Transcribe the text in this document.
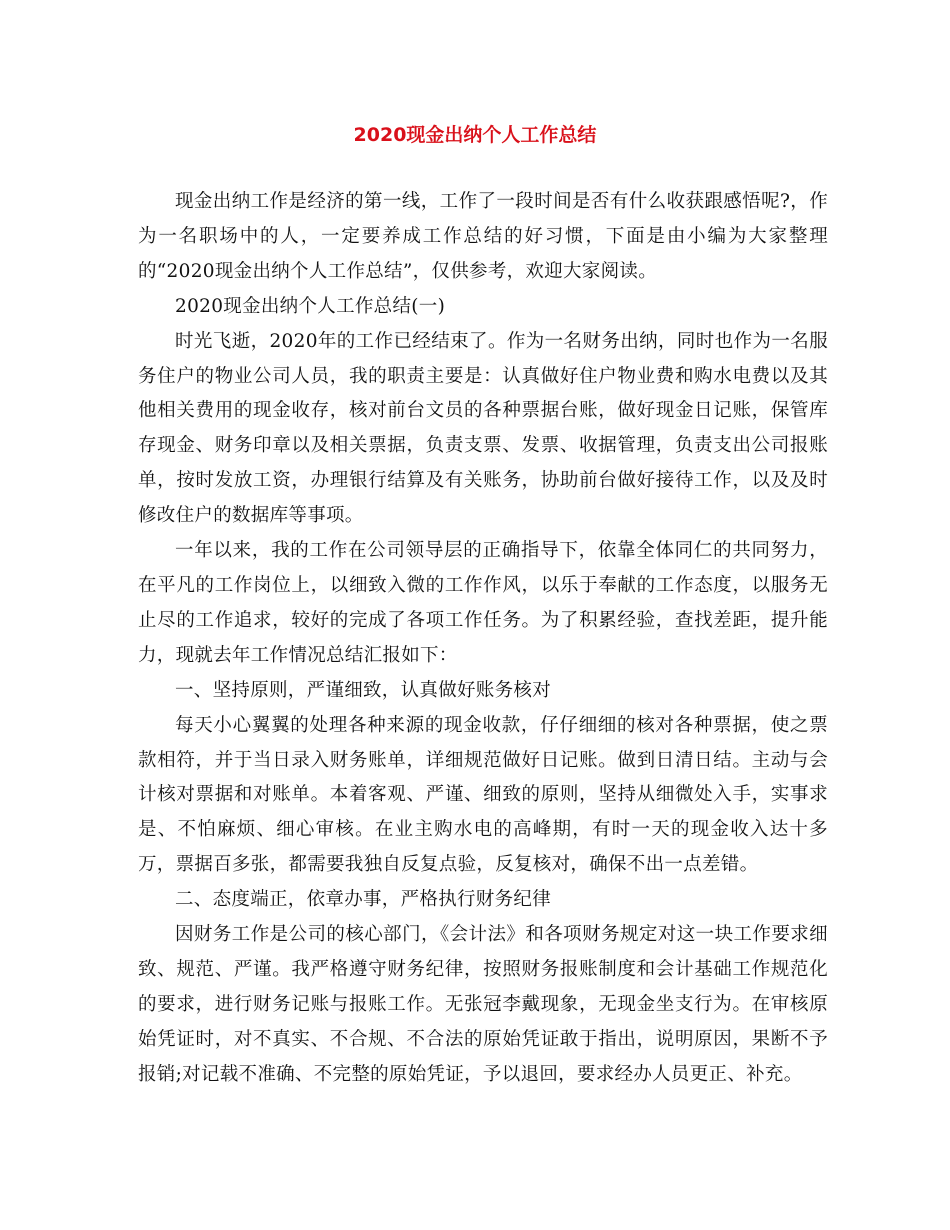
2020现金出纳个人工作总结

现金出纳工作是经济的第一线，工作了一段时间是否有什么收获跟感悟呢?，作为一名职场中的人，一定要养成工作总结的好习惯，下面是由小编为大家整理的“2020现金出纳个人工作总结”，仅供参考，欢迎大家阅读。

2020现金出纳个人工作总结(一)

时光飞逝，2020年的工作已经结束了。作为一名财务出纳，同时也作为一名服务住户的物业公司人员，我的职责主要是：认真做好住户物业费和购水电费以及其他相关费用的现金收存，核对前台文员的各种票据台账，做好现金日记账，保管库存现金、财务印章以及相关票据，负责支票、发票、收据管理，负责支出公司报账单，按时发放工资，办理银行结算及有关账务，协助前台做好接待工作，以及及时修改住户的数据库等事项。

一年以来，我的工作在公司领导层的正确指导下，依靠全体同仁的共同努力，在平凡的工作岗位上，以细致入微的工作作风，以乐于奉献的工作态度，以服务无止尽的工作追求，较好的完成了各项工作任务。为了积累经验，查找差距，提升能力，现就去年工作情况总结汇报如下：

一、坚持原则，严谨细致，认真做好账务核对

每天小心翼翼的处理各种来源的现金收款，仔仔细细的核对各种票据，使之票款相符，并于当日录入财务账单，详细规范做好日记账。做到日清日结。主动与会计核对票据和对账单。本着客观、严谨、细致的原则，坚持从细微处入手，实事求是、不怕麻烦、细心审核。在业主购水电的高峰期，有时一天的现金收入达十多万，票据百多张，都需要我独自反复点验，反复核对，确保不出一点差错。

二、态度端正，依章办事，严格执行财务纪律

因财务工作是公司的核心部门，《会计法》和各项财务规定对这一块工作要求细致、规范、严谨。我严格遵守财务纪律，按照财务报账制度和会计基础工作规范化的要求，进行财务记账与报账工作。无张冠李戴现象，无现金坐支行为。在审核原始凭证时，对不真实、不合规、不合法的原始凭证敢于指出，说明原因，果断不予报销;对记载不准确、不完整的原始凭证，予以退回，要求经办人员更正、补充。
